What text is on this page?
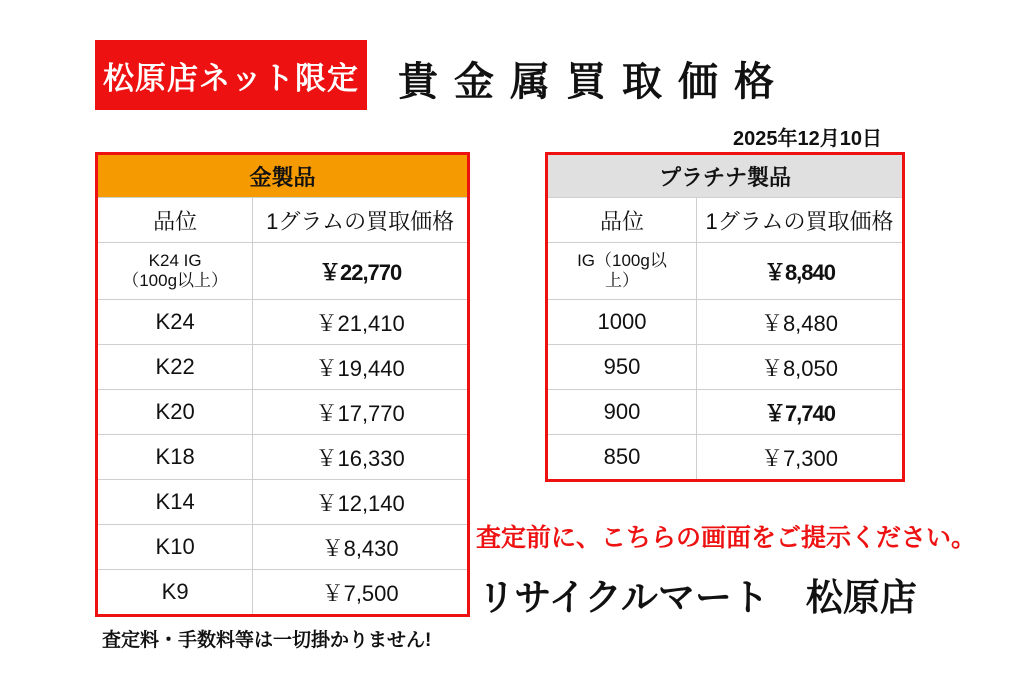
松原店ネット限定 貴金属買取価格
2025年12月10日
金製品	
品位	1グラムの買取価格

K24 IG
（100g以上）	￥22,770
K24	￥21,410
K22	￥19,440
K20	￥17,770
K18	￥16,330
K14	￥12,140
K10	￥8,430
K9	￥7,500
プラチナ製品	
品位	1グラムの買取価格

IG（100g以
上）	￥8,840
1000	￥8,480
950	￥8,050
900	￥7,740
850	￥7,300
査定前に、こちらの画面をご提示ください。
リサイクルマート　松原店
査定料・手数料等は一切掛かりません!
